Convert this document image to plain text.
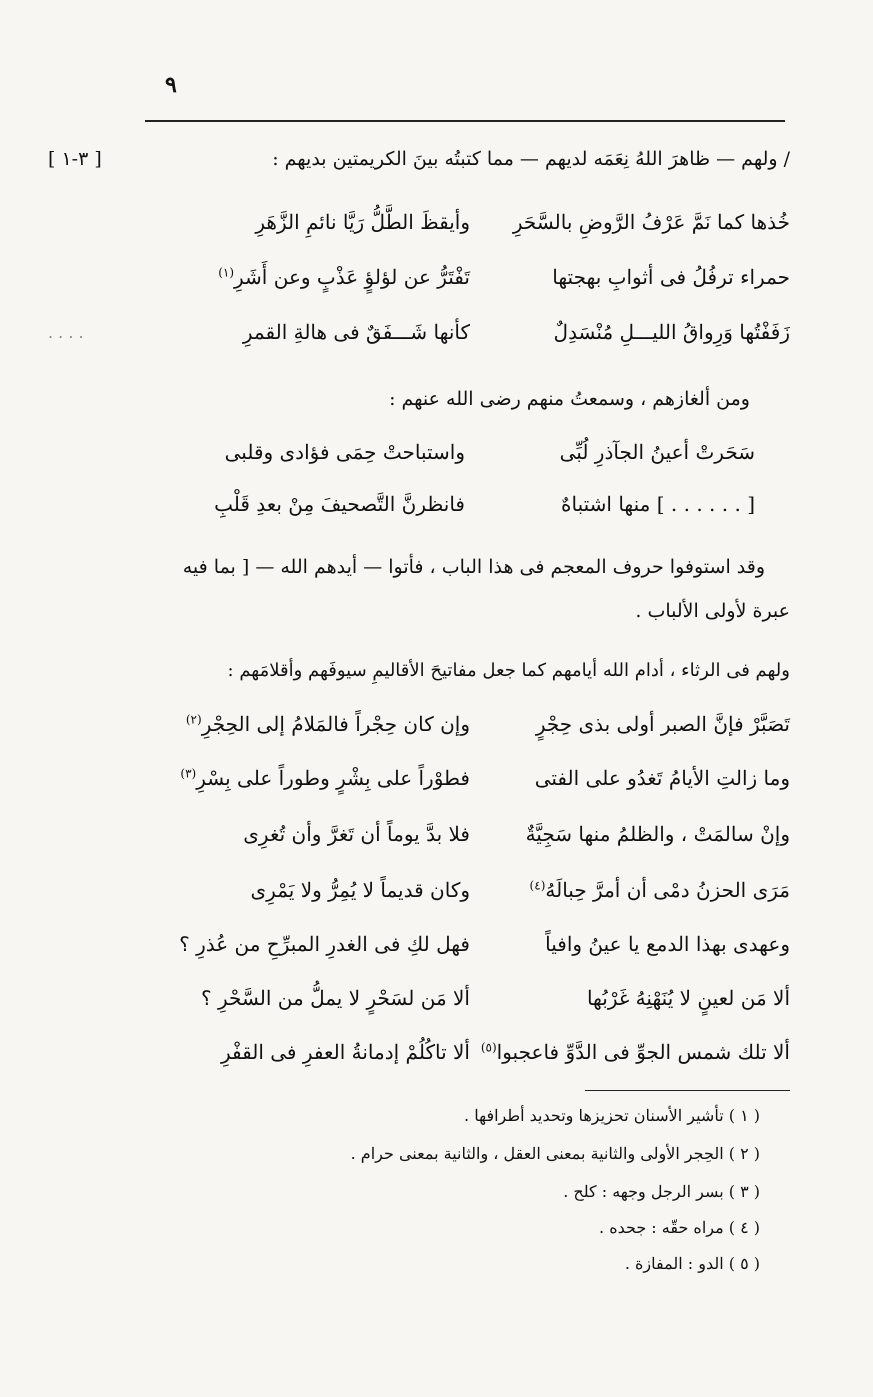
٩
[ ٣-١ ]
. . . .
/ ولهم — ظاهرَ اللهُ نِعَمَه لديهم — مما كتبتُه بينَ الكريمتين بديهم :
خُذها كما نَمَّ عَرْفُ الرَّوضِ بالسَّحَرِ
وأيقظَ الطَّلُّ رَيَّا نائمِ الزَّهَرِ
حمراء ترفُلُ فى أثوابِ بهجتها
تَفْتَرُّ عن لؤلؤٍ عَذْبٍ وعن أَشَرِ$^{(١)}$
زَفَفْتُها وَرِواقُ الليـــلِ مُنْسَدِلٌ
كأنها شَـــفَقٌ فى هالةِ القمرِ
ومن ألغازهم ، وسمعتُ منهم رضى الله عنهم :
سَحَرتْ أعينُ الجآذرِ لُبِّى
واستباحتْ حِمَى فؤادى وقلبى
[ . . . . . . ] منها اشتباهٌ
فانظرنَّ التَّصحيفَ مِنْ بعدِ قَلْبِ
وقد استوفوا حروف المعجم فى هذا الباب ، فأتوا — أيدهم الله — [ بما فيه
عبرة لأولى الألباب .
ولهم فى الرثاء ، أدام الله أيامهم كما جعل مفاتيحَ الأقاليمِ سيوفَهم وأقلامَهم :
تَصَبَّرْ فإنَّ الصبر أولى بذى حِجْرٍ
وإن كان حِجْراً فالمَلامُ إلى الحِجْرِ$^{(٢)}$
وما زالتِ الأيامُ تَغدُو على الفتى
فطوْراً على بِشْرٍ وطوراً على بِسْرِ$^{(٣)}$
وإنْ سالمَتْ ، والظلمُ منها سَجِيَّةٌ
فلا بدَّ يوماً أن تَغرَّ وأن تُغرِى
مَرَى الحزنُ دمْى أن أمرَّ حِبالَهُ$^{(٤)}$
وكان قديماً لا يُمِرُّ ولا يَمْرِى
وعهدى بهذا الدمع يا عينُ وافياً
فهل لكِ فى الغدرِ المبرِّحِ من عُذرِ ؟
ألا مَن لعينٍ لا يُنَهْنِهُ غَرْبُها
ألا مَن لسَحْرٍ لا يملُّ من السَّحْرِ ؟
ألا تلك شمس الجوِّ فى الدَّوِّ فاعجبوا$^{(٥)}$
ألا تاكُلُمْ إدمانةُ العفرِ فى القفْرِ
( ١ ) تأشير الأسنان تحزيزها وتحديد أطرافها .
( ٢ ) الحِجر الأولى والثانية بمعنى العقل ، والثانية بمعنى حرام .
( ٣ ) بسر الرجل وجهه : كلح .
( ٤ ) مراه حقّه : جحده .
( ٥ ) الدو : المفازة .
